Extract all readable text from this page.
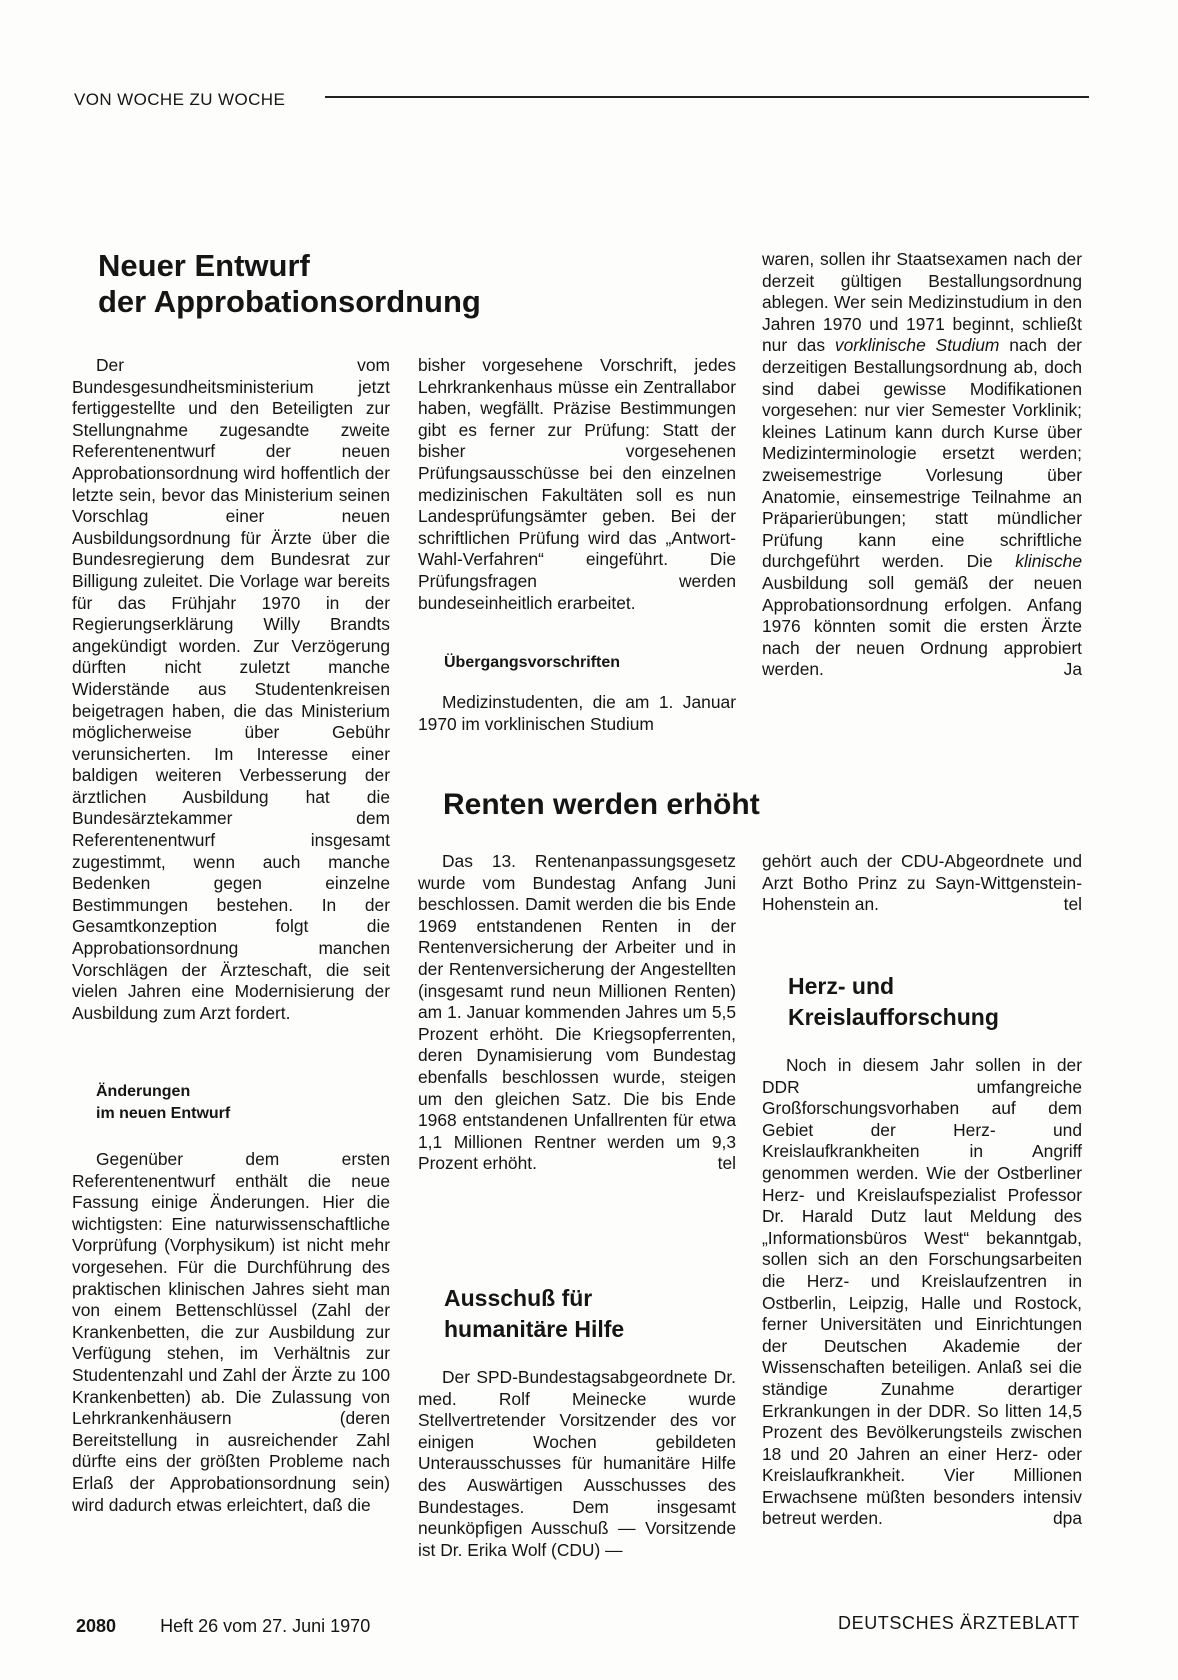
VON WOCHE ZU WOCHE
Neuer Entwurf
der Approbationsordnung

Der vom Bundesgesundheitsministerium jetzt fertiggestellte und den Beteiligten zur Stellungnahme zugesandte zweite Referentenentwurf der neuen Approbationsordnung wird hoffentlich der letzte sein, bevor das Ministerium seinen Vorschlag einer neuen Ausbildungsordnung für Ärzte über die Bundesregierung dem Bundesrat zur Billigung zuleitet. Die Vorlage war bereits für das Frühjahr 1970 in der Regierungserklärung Willy Brandts angekündigt worden. Zur Verzögerung dürften nicht zuletzt manche Widerstände aus Studentenkreisen beigetragen haben, die das Ministerium möglicherweise über Gebühr verunsicherten. Im Interesse einer baldigen weiteren Verbesserung der ärztlichen Ausbildung hat die Bundesärztekammer dem Referentenentwurf insgesamt zugestimmt, wenn auch manche Bedenken gegen einzelne Bestimmungen bestehen. In der Gesamtkonzeption folgt die Approbationsordnung manchen Vorschlägen der Ärzteschaft, die seit vielen Jahren eine Modernisierung der Ausbildung zum Arzt fordert.

Änderungen
im neuen Entwurf

Gegenüber dem ersten Referentenentwurf enthält die neue Fassung einige Änderungen. Hier die wichtigsten: Eine naturwissenschaftliche Vorprüfung (Vorphysikum) ist nicht mehr vorgesehen. Für die Durchführung des praktischen klinischen Jahres sieht man von einem Bettenschlüssel (Zahl der Krankenbetten, die zur Ausbildung zur Verfügung stehen, im Verhältnis zur Studentenzahl und Zahl der Ärzte zu 100 Krankenbetten) ab. Die Zulassung von Lehrkrankenhäusern (deren Bereitstellung in ausreichender Zahl dürfte eins der größten Probleme nach Erlaß der Approbationsordnung sein) wird dadurch etwas erleichtert, daß die

bisher vorgesehene Vorschrift, jedes Lehrkrankenhaus müsse ein Zentrallabor haben, wegfällt. Präzise Bestimmungen gibt es ferner zur Prüfung: Statt der bisher vorgesehenen Prüfungsausschüsse bei den einzelnen medizinischen Fakultäten soll es nun Landesprüfungsämter geben. Bei der schriftlichen Prüfung wird das „Antwort-Wahl-Verfahren“ eingeführt. Die Prüfungsfragen werden bundeseinheitlich erarbeitet.

Übergangsvorschriften

Medizinstudenten, die am 1. Januar 1970 im vorklinischen Studium

waren, sollen ihr Staatsexamen nach der derzeit gültigen Bestallungsordnung ablegen. Wer sein Medizinstudium in den Jahren 1970 und 1971 beginnt, schließt nur das vorklinische Studium nach der derzeitigen Bestallungsordnung ab, doch sind dabei gewisse Modifikationen vorgesehen: nur vier Semester Vorklinik; kleines Latinum kann durch Kurse über Medizinterminologie ersetzt werden; zweisemestrige Vorlesung über Anatomie, einsemestrige Teilnahme an Präparierübungen; statt mündlicher Prüfung kann eine schriftliche durchgeführt werden. Die klinische Ausbildung soll gemäß der neuen Approbationsordnung erfolgen. Anfang 1976 könnten somit die ersten Ärzte nach der neuen Ordnung approbiert werden.	Ja

Renten werden erhöht

Das 13. Rentenanpassungsgesetz wurde vom Bundestag Anfang Juni beschlossen. Damit werden die bis Ende 1969 entstandenen Renten in der Rentenversicherung der Arbeiter und in der Rentenversicherung der Angestellten (insgesamt rund neun Millionen Renten) am 1. Januar kommenden Jahres um 5,5 Prozent erhöht. Die Kriegsopferrenten, deren Dynamisierung vom Bundestag ebenfalls beschlossen wurde, steigen um den gleichen Satz. Die bis Ende 1968 entstandenen Unfallrenten für etwa 1,1 Millionen Rentner werden um 9,3 Prozent erhöht.	tel

Ausschuß für
humanitäre Hilfe

Der SPD-Bundestagsabgeordnete Dr. med. Rolf Meinecke wurde Stellvertretender Vorsitzender des vor einigen Wochen gebildeten Unterausschusses für humanitäre Hilfe des Auswärtigen Ausschusses des Bundestages. Dem insgesamt neunköpfigen Ausschuß — Vorsitzende ist Dr. Erika Wolf (CDU) —

gehört auch der CDU-Abgeordnete und Arzt Botho Prinz zu Sayn-Wittgenstein-Hohenstein an.	tel

Herz- und
Kreislaufforschung

Noch in diesem Jahr sollen in der DDR umfangreiche Großforschungsvorhaben auf dem Gebiet der Herz- und Kreislaufkrankheiten in Angriff genommen werden. Wie der Ostberliner Herz- und Kreislaufspezialist Professor Dr. Harald Dutz laut Meldung des „Informationsbüros West“ bekanntgab, sollen sich an den Forschungsarbeiten die Herz- und Kreislaufzentren in Ostberlin, Leipzig, Halle und Rostock, ferner Universitäten und Einrichtungen der Deutschen Akademie der Wissenschaften beteiligen. Anlaß sei die ständige Zunahme derartiger Erkrankungen in der DDR. So litten 14,5 Prozent des Bevölkerungsteils zwischen 18 und 20 Jahren an einer Herz- oder Kreislaufkrankheit. Vier Millionen Erwachsene müßten besonders intensiv betreut werden.	dpa

2080 Heft 26 vom 27. Juni 1970	DEUTSCHES ÄRZTEBLATT
